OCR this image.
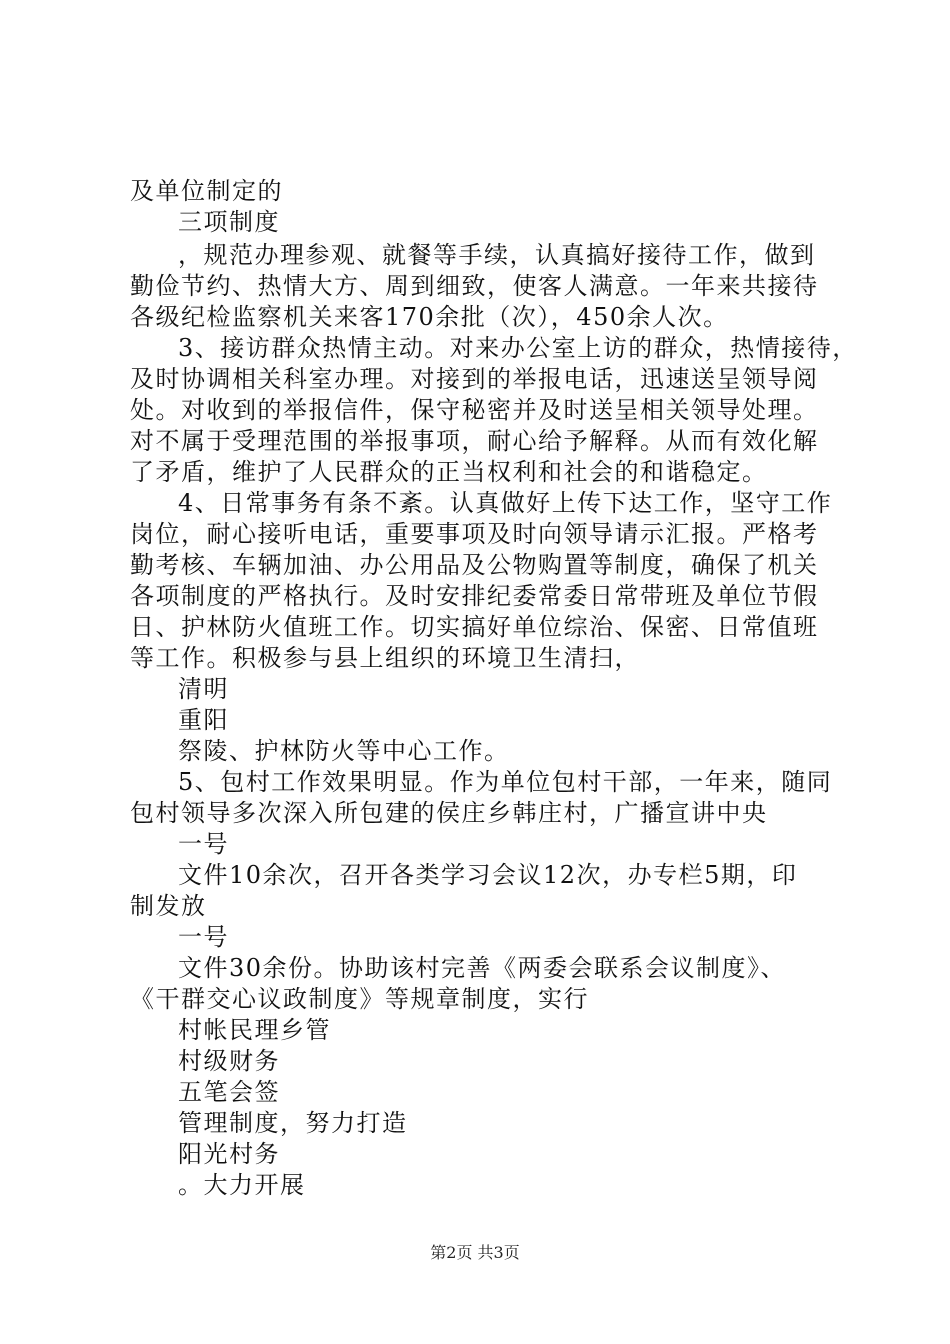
及单位制定的
三项制度
，规范办理参观、就餐等手续，认真搞好接待工作，做到
勤俭节约、热情大方、周到细致，使客人满意。一年来共接待
各级纪检监察机关来客170余批（次），450余人次。
3、接访群众热情主动。对来办公室上访的群众，热情接待，
及时协调相关科室办理。对接到的举报电话，迅速送呈领导阅
处。对收到的举报信件，保守秘密并及时送呈相关领导处理。
对不属于受理范围的举报事项，耐心给予解释。从而有效化解
了矛盾，维护了人民群众的正当权利和社会的和谐稳定。
4、日常事务有条不紊。认真做好上传下达工作，坚守工作
岗位，耐心接听电话，重要事项及时向领导请示汇报。严格考
勤考核、车辆加油、办公用品及公物购置等制度，确保了机关
各项制度的严格执行。及时安排纪委常委日常带班及单位节假
日、护林防火值班工作。切实搞好单位综治、保密、日常值班
等工作。积极参与县上组织的环境卫生清扫，
清明
重阳
祭陵、护林防火等中心工作。
5、包村工作效果明显。作为单位包村干部，一年来，随同
包村领导多次深入所包建的侯庄乡韩庄村，广播宣讲中央
一号
文件10余次，召开各类学习会议12次，办专栏5期，印
制发放
一号
文件30余份。协助该村完善《两委会联系会议制度》、
《干群交心议政制度》等规章制度，实行
村帐民理乡管
村级财务
五笔会签
管理制度，努力打造
阳光村务
。大力开展
第2页 共3页
